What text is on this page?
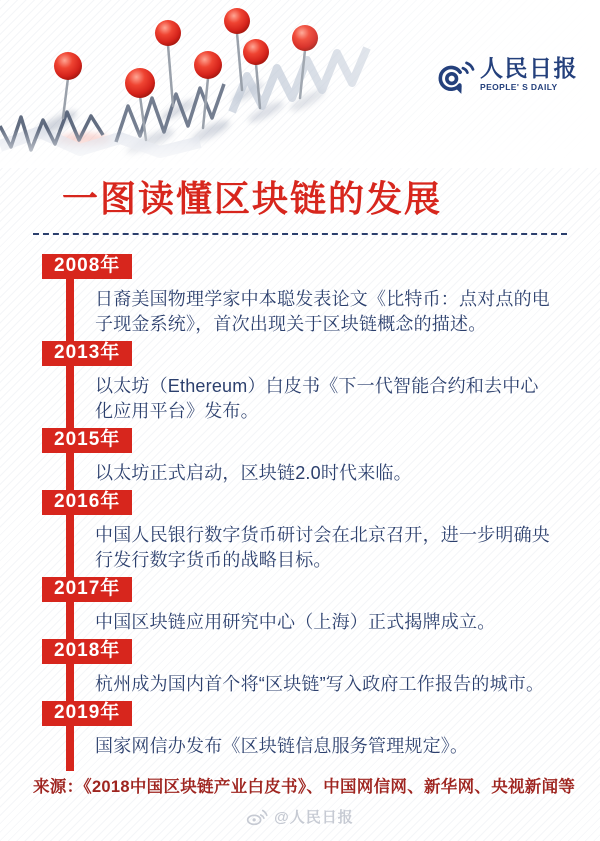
人民日报
PEOPLE' S DAILY
一图读懂区块链的发展
2008年

日裔美国物理学家中本聪发表论文《比特币：点对点的电子现金系统》，首次出现关于区块链概念的描述。

2013年

以太坊（Ethereum）白皮书《下一代智能合约和去中心化应用平台》发布。

2015年

以太坊正式启动，区块链2.0时代来临。

2016年

中国人民银行数字货币研讨会在北京召开，进一步明确央行发行数字货币的战略目标。

2017年

中国区块链应用研究中心（上海）正式揭牌成立。

2018年

杭州成为国内首个将“区块链”写入政府工作报告的城市。

2019年

国家网信办发布《区块链信息服务管理规定》。

来源：《2018中国区块链产业白皮书》、中国网信网、新华网、央视新闻等

@人民日报
